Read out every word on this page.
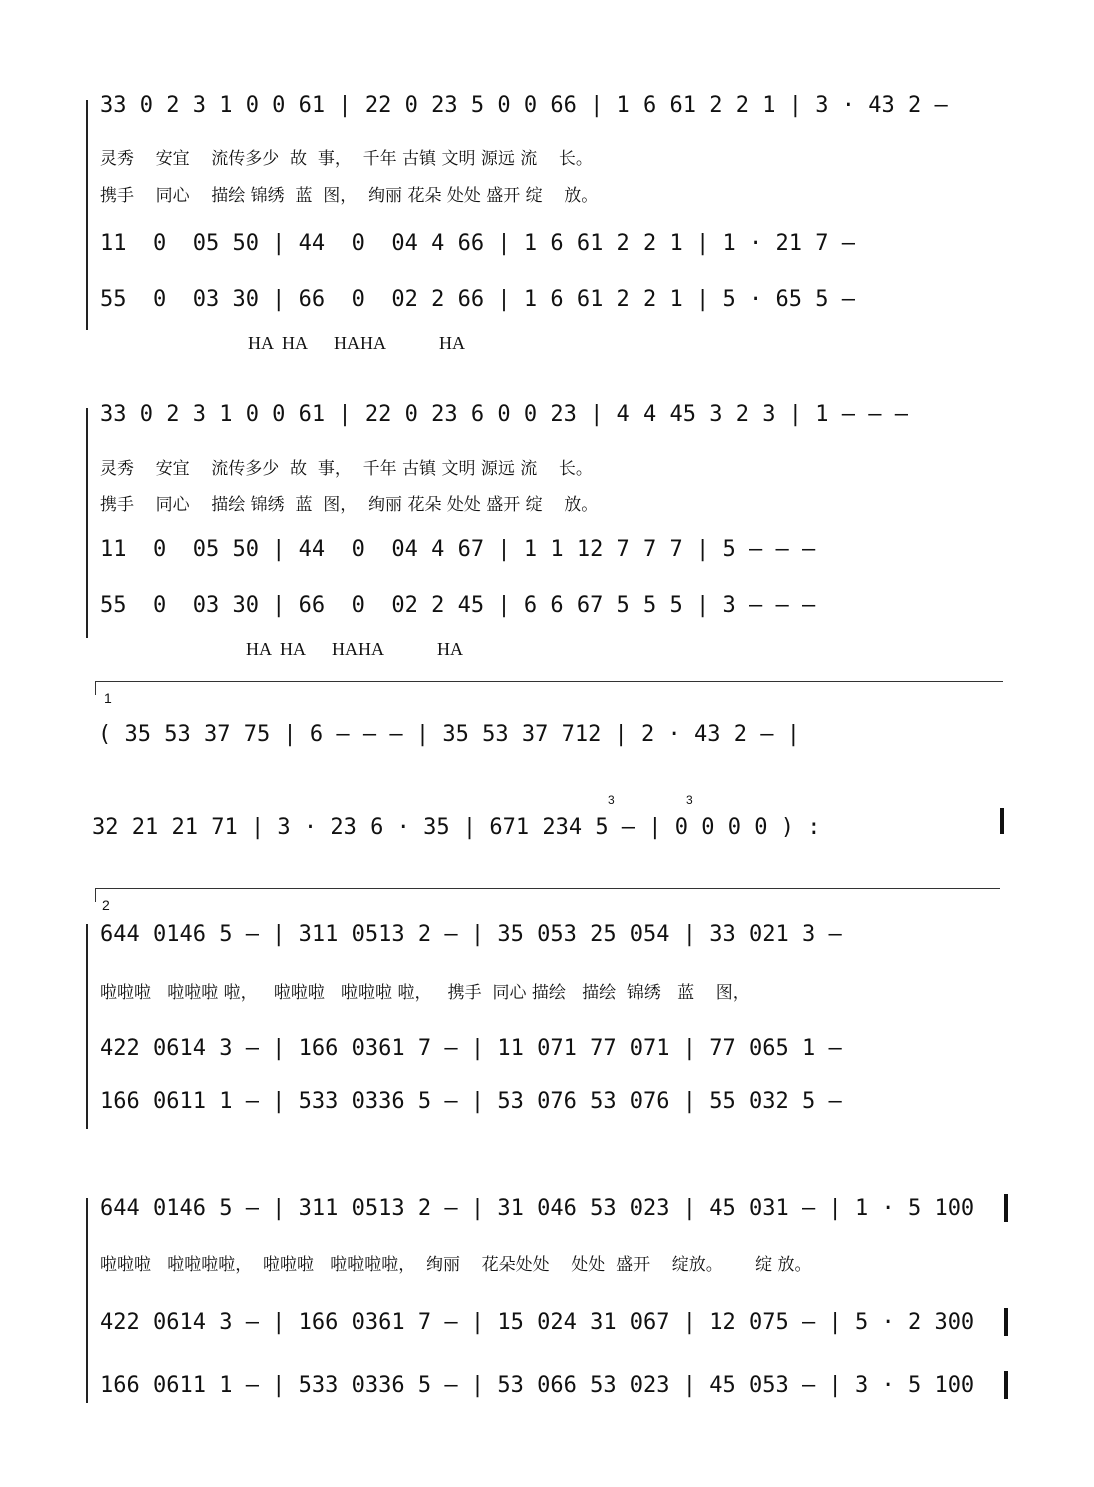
33 0 2 3 1 0 0 61 | 22 0 23 5 0 0 66 | 1 6 61 2 2 1 | 3 · 43 2 –
灵秀    安宜    流传多少  故  事，  千年 古镇 文明 源远 流    长。
携手    同心    描绘 锦绣  蓝  图，  绚丽 花朵 处处 盛开 绽    放。
11  0  05 50 | 44  0  04 4 66 | 1 6 61 2 2 1 | 1 · 21 7 –
55  0  03 30 | 66  0  02 2 66 | 1 6 61 2 2 1 | 5 · 65 5 –
HA  HA      HAHA            HA
33 0 2 3 1 0 0 61 | 22 0 23 6 0 0 23 | 4 4 45 3 2 3 | 1 – – –
灵秀    安宜    流传多少  故  事，  千年 古镇 文明 源远 流    长。
携手    同心    描绘 锦绣  蓝  图，  绚丽 花朵 处处 盛开 绽    放。
11  0  05 50 | 44  0  04 4 67 | 1 1 12 7 7 7 | 5 – – –
55  0  03 30 | 66  0  02 2 45 | 6 6 67 5 5 5 | 3 – – –
HA  HA      HAHA            HA
1
( 35 53 37 75 | 6 – – – | 35 53 37 712 | 2 · 43 2 – |
32 21 21 71 | 3 · 23 6 · 35 | 671 234 5 – | 0 0 0 0 ) :
3	3
2
644 0146 5 – | 311 0513 2 – | 35 053 25 054 | 33 021 3 –
啦啦啦   啦啦啦 啦，   啦啦啦   啦啦啦 啦，   携手  同心 描绘   描绘  锦绣   蓝    图，
422 0614 3 – | 166 0361 7 – | 11 071 77 071 | 77 065 1 –
166 0611 1 – | 533 0336 5 – | 53 076 53 076 | 55 032 5 –
644 0146 5 – | 311 0513 2 – | 31 046 53 023 | 45 031 – | 1 · 5 100
啦啦啦   啦啦啦啦，  啦啦啦   啦啦啦啦，  绚丽    花朵处处    处处  盛开    绽放。      绽 放。
422 0614 3 – | 166 0361 7 – | 15 024 31 067 | 12 075 – | 5 · 2 300
166 0611 1 – | 533 0336 5 – | 53 066 53 023 | 45 053 – | 3 · 5 100
